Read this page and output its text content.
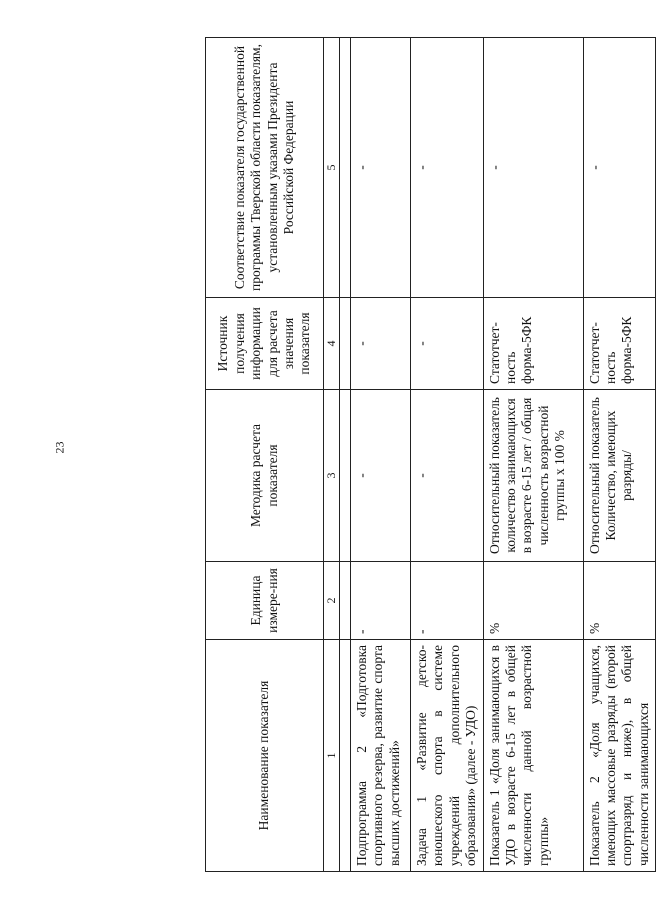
23
Наименование показателя	Единица измере-ния	Методика расчета показателя	Источник получения информации для расчета значения показателя	Соответствие показателя государственной программы Тверской области показателям, установленным указами Президента Российской Федерации
1	2	3	4	5

Подпрограмма 2 «Подготовка спортивного резерва, развитие спорта высших достижений»	-	-	-	-
Задача 1 «Развитие детско-юношеского спорта в системе учреждений дополнительного образования» (далее - УДО)	-	-	-	-
Показатель 1 «Доля занимающихся в УДО в возрасте 6-15 лет в общей численности данной возрастной группы»	%	Относительный показатель количество занимающихся в возрасте 6-15 лет / общая численность возрастной группы х 100 %	Статотчет-ность форма-5ФК	-
Показатель 2 «Доля учащихся, имеющих массовые разряды (второй спортразряд и ниже), в общей численности занимающихся	%	Относительный показатель Количество, имеющих разряды/	Статотчет-ность форма-5ФК	-
